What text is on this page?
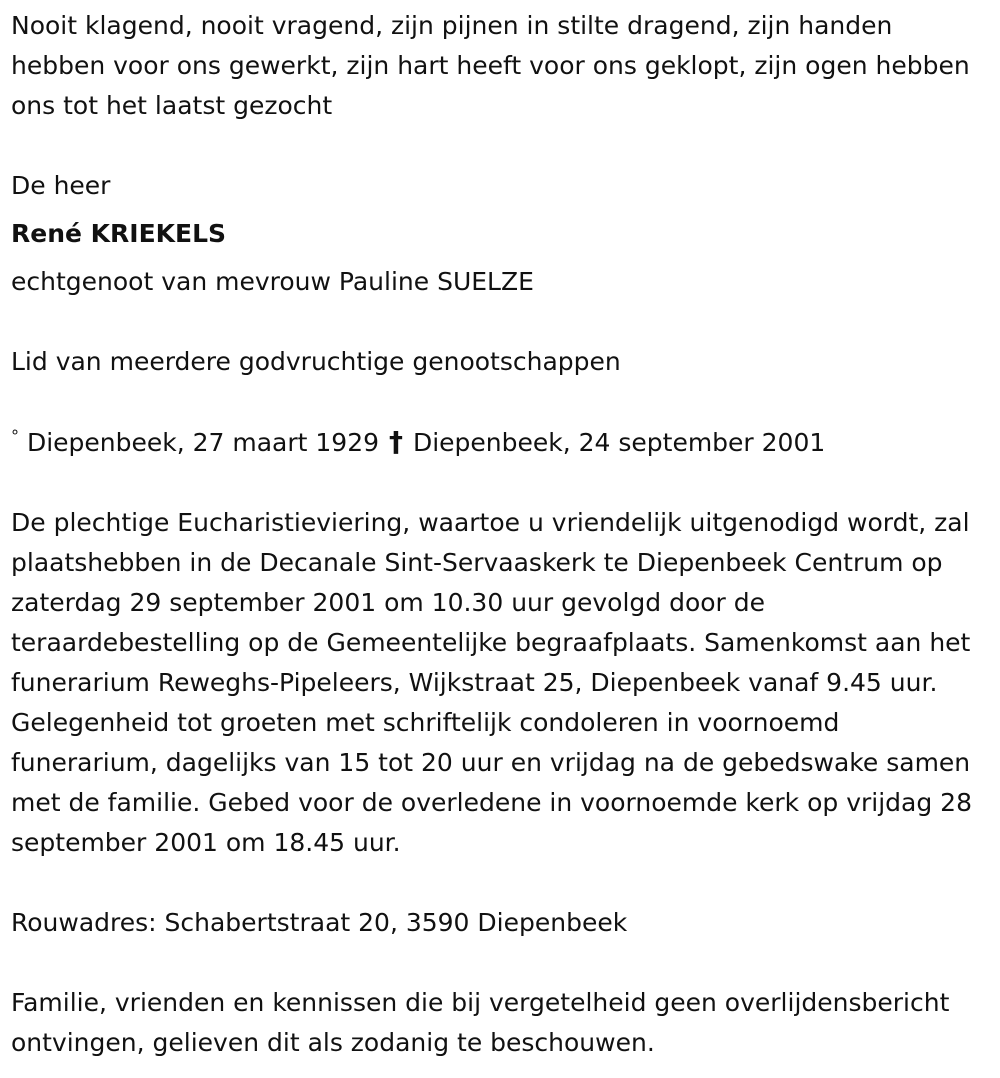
Nooit klagend, nooit vragend, zijn pijnen in stilte dragend, zijn handen hebben voor ons gewerkt, zijn hart heeft voor ons geklopt, zijn ogen hebben ons tot het laatst gezocht

De heer

René KRIEKELS

echtgenoot van mevrouw Pauline SUELZE

Lid van meerdere godvruchtige genootschappen

° Diepenbeek, 27 maart 1929 † Diepenbeek, 24 september 2001

De plechtige Eucharistieviering, waartoe u vriendelijk uitgenodigd wordt, zal plaatshebben in de Decanale Sint-Servaaskerk te Diepenbeek Centrum op zaterdag 29 september 2001 om 10.30 uur gevolgd door de teraardebestelling op de Gemeentelijke begraafplaats. Samenkomst aan het funerarium Reweghs-Pipeleers, Wijkstraat 25, Diepenbeek vanaf 9.45 uur. Gelegenheid tot groeten met schriftelijk condoleren in voornoemd funerarium, dagelijks van 15 tot 20 uur en vrijdag na de gebedswake samen met de familie. Gebed voor de overledene in voornoemde kerk op vrijdag 28 september 2001 om 18.45 uur.

Rouwadres: Schabertstraat 20, 3590 Diepenbeek

Familie, vrienden en kennissen die bij vergetelheid geen overlijdensbericht ontvingen, gelieven dit als zodanig te beschouwen.
